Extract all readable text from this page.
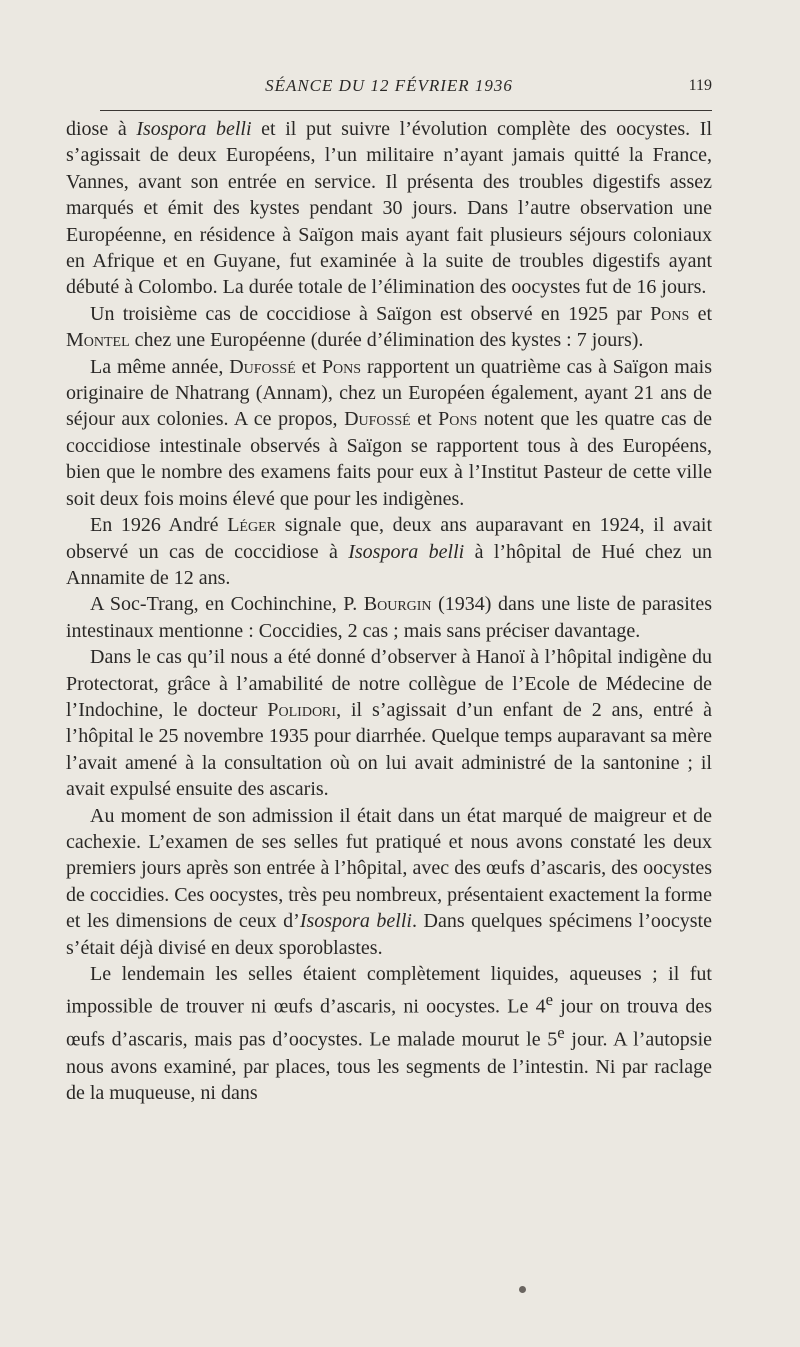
SÉANCE DU 12 FÉVRIER 1936	119

diose à Isospora belli et il put suivre l’évolution complète des oocystes. Il s’agissait de deux Européens, l’un militaire n’ayant jamais quitté la France, Vannes, avant son entrée en service. Il présenta des troubles digestifs assez marqués et émit des kystes pendant 30 jours. Dans l’autre observation une Européenne, en résidence à Saïgon mais ayant fait plusieurs séjours coloniaux en Afrique et en Guyane, fut examinée à la suite de troubles digestifs ayant débuté à Colombo. La durée totale de l’élimination des oocystes fut de 16 jours.

Un troisième cas de coccidiose à Saïgon est observé en 1925 par Pons et Montel chez une Européenne (durée d’élimination des kystes : 7 jours).

La même année, Dufossé et Pons rapportent un quatrième cas à Saïgon mais originaire de Nhatrang (Annam), chez un Européen également, ayant 21 ans de séjour aux colonies. A ce propos, Dufossé et Pons notent que les quatre cas de coccidiose intestinale observés à Saïgon se rapportent tous à des Européens, bien que le nombre des examens faits pour eux à l’Institut Pasteur de cette ville soit deux fois moins élevé que pour les indigènes.

En 1926 André Léger signale que, deux ans auparavant en 1924, il avait observé un cas de coccidiose à Isospora belli à l’hôpital de Hué chez un Annamite de 12 ans.

A Soc-Trang, en Cochinchine, P. Bourgin (1934) dans une liste de parasites intestinaux mentionne : Coccidies, 2 cas ; mais sans préciser davantage.

Dans le cas qu’il nous a été donné d’observer à Hanoï à l’hôpital indigène du Protectorat, grâce à l’amabilité de notre collègue de l’Ecole de Médecine de l’Indochine, le docteur Polidori, il s’agissait d’un enfant de 2 ans, entré à l’hôpital le 25 novembre 1935 pour diarrhée. Quelque temps auparavant sa mère l’avait amené à la consultation où on lui avait administré de la santonine ; il avait expulsé ensuite des ascaris.

Au moment de son admission il était dans un état marqué de maigreur et de cachexie. L’examen de ses selles fut pratiqué et nous avons constaté les deux premiers jours après son entrée à l’hôpital, avec des œufs d’ascaris, des oocystes de coccidies. Ces oocystes, très peu nombreux, présentaient exactement la forme et les dimensions de ceux d’Isospora belli. Dans quelques spécimens l’oocyste s’était déjà divisé en deux sporoblastes.

Le lendemain les selles étaient complètement liquides, aqueuses ; il fut impossible de trouver ni œufs d’ascaris, ni oocystes. Le 4e jour on trouva des œufs d’ascaris, mais pas d’oocystes. Le malade mourut le 5e jour. A l’autopsie nous avons examiné, par places, tous les segments de l’intestin. Ni par raclage de la muqueuse, ni dans
